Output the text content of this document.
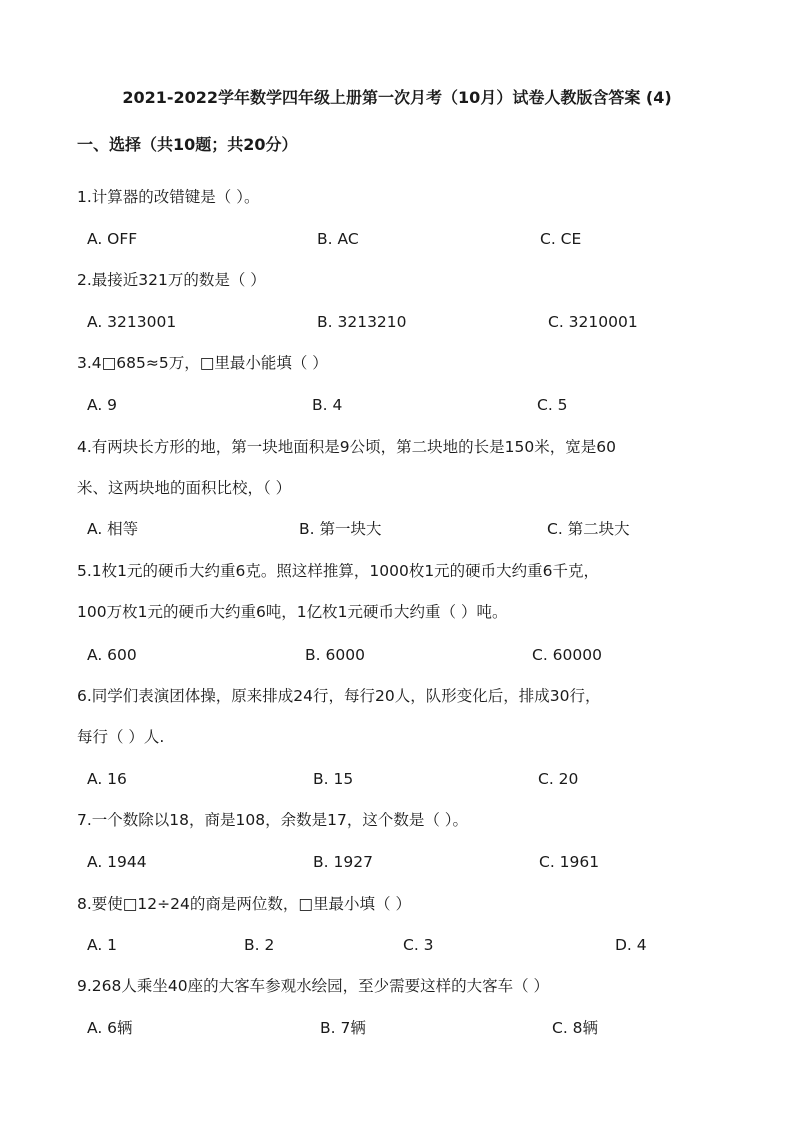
2021-2022学年数学四年级上册第一次月考（10月）试卷人教版含答案 (4)
一、选择（共10题；共20分）
1.计算器的改错键是（ ）。
A. OFF	B. AC	C. CE
2.最接近321万的数是（ ）
A. 3213001	B. 3213210	C. 3210001
3.4□685≈5万，□里最小能填（ ）
A. 9	B. 4	C. 5
4.有两块长方形的地，第一块地面积是9公顷，第二块地的长是150米，宽是60
米、这两块地的面积比校，（ ）
A. 相等	B. 第一块大	C. 第二块大
5.1枚1元的硬币大约重6克。照这样推算，1000枚1元的硬币大约重6千克，
100万枚1元的硬币大约重6吨，1亿枚1元硬币大约重（ ）吨。
A. 600	B. 6000	C. 60000
6.同学们表演团体操，原来排成24行，每行20人，队形变化后，排成30行，
每行（ ）人.
A. 16	B. 15	C. 20
7.一个数除以18，商是108，余数是17，这个数是（ ）。
A. 1944	B. 1927	C. 1961
8.要使□12÷24的商是两位数，□里最小填（ ）
A. 1	B. 2	C. 3	D. 4
9.268人乘坐40座的大客车参观水绘园，至少需要这样的大客车（ ）
A. 6辆	B. 7辆	C. 8辆
